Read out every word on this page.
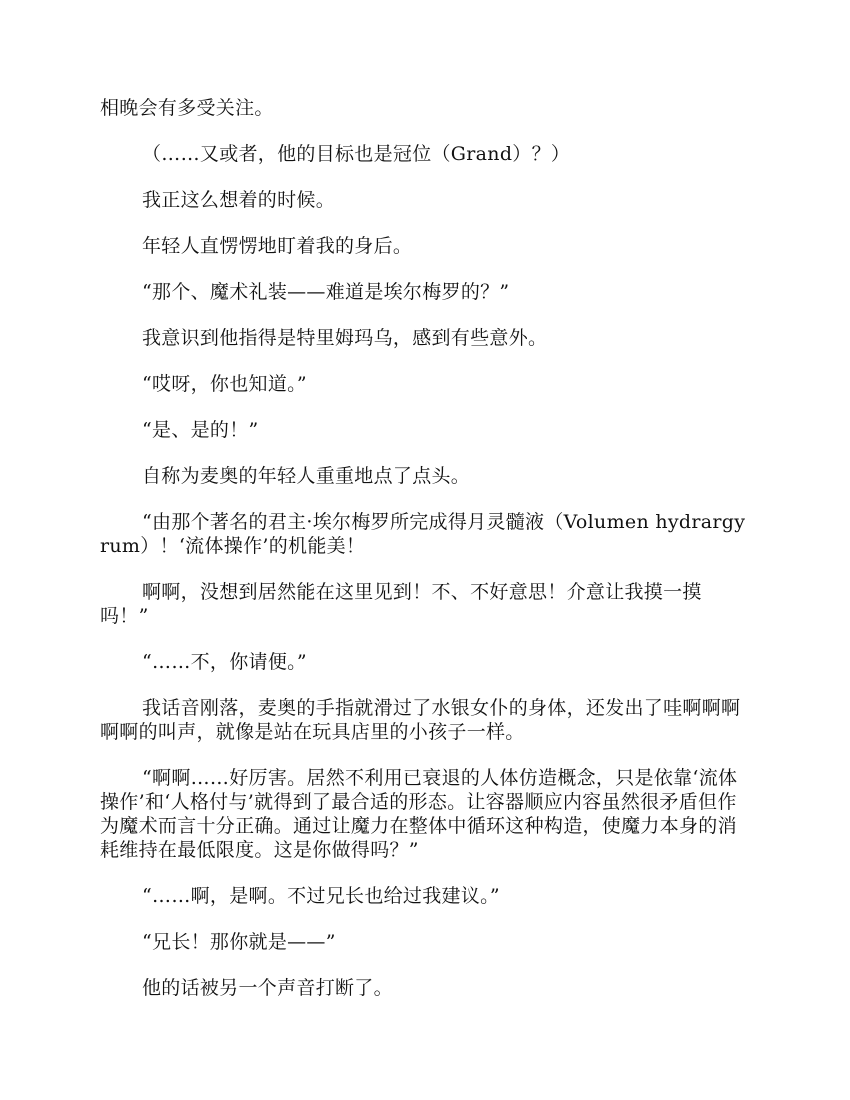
相晚会有多受关注。

（……又或者，他的目标也是冠位（Grand）？）

我正这么想着的时候。

年轻人直愣愣地盯着我的身后。

“那个、魔术礼装——难道是埃尔梅罗的？”

我意识到他指得是特里姆玛乌，感到有些意外。

“哎呀，你也知道。”

“是、是的！”

自称为麦奥的年轻人重重地点了点头。

“由那个著名的君主·埃尔梅罗所完成得月灵髓液（Volumen hydrargyrum）！‘流体操作’的机能美！

啊啊，没想到居然能在这里见到！不、不好意思！介意让我摸一摸吗！”

“……不，你请便。”

我话音刚落，麦奥的手指就滑过了水银女仆的身体，还发出了哇啊啊啊啊啊的叫声，就像是站在玩具店里的小孩子一样。

“啊啊……好厉害。居然不利用已衰退的人体仿造概念，只是依靠‘流体操作’和‘人格付与’就得到了最合适的形态。让容器顺应内容虽然很矛盾但作为魔术而言十分正确。通过让魔力在整体中循环这种构造，使魔力本身的消耗维持在最低限度。这是你做得吗？”

“……啊，是啊。不过兄长也给过我建议。”

“兄长！那你就是——”

他的话被另一个声音打断了。
